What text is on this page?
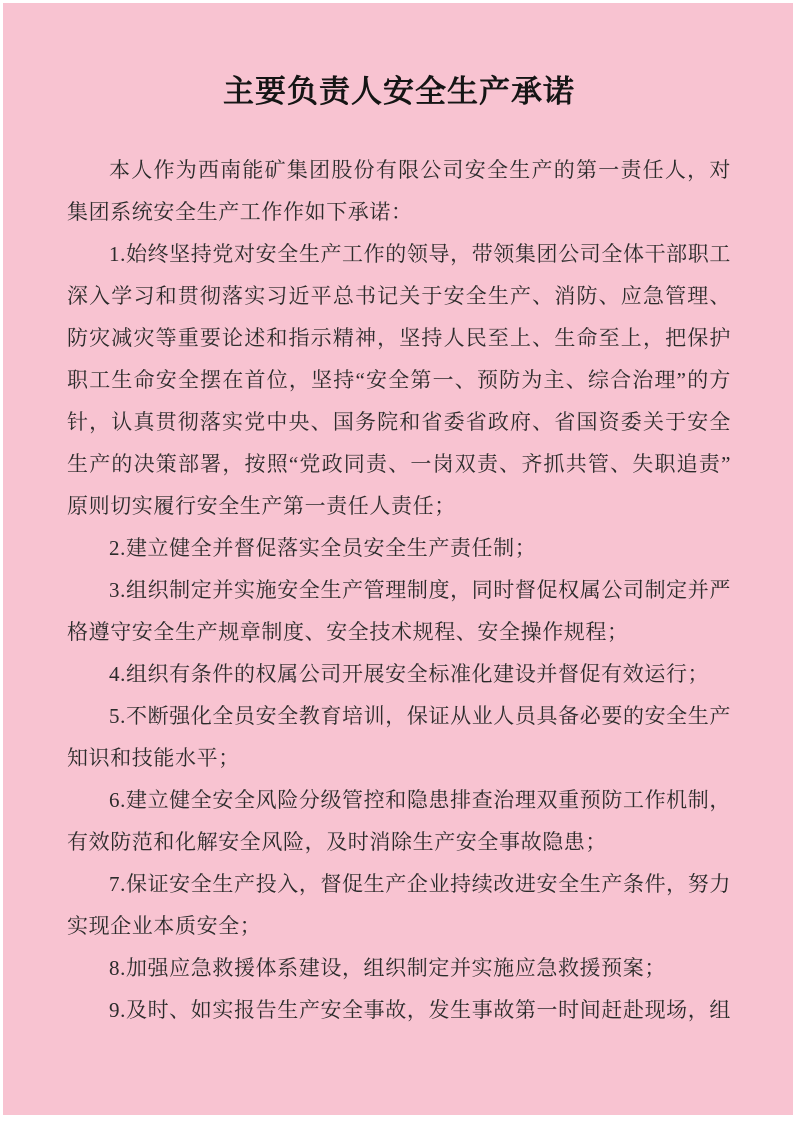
主要负责人安全生产承诺

本人作为西南能矿集团股份有限公司安全生产的第一责任人，对集团系统安全生产工作作如下承诺：

1.始终坚持党对安全生产工作的领导，带领集团公司全体干部职工深入学习和贯彻落实习近平总书记关于安全生产、消防、应急管理、防灾减灾等重要论述和指示精神，坚持人民至上、生命至上，把保护职工生命安全摆在首位，坚持“安全第一、预防为主、综合治理”的方针，认真贯彻落实党中央、国务院和省委省政府、省国资委关于安全生产的决策部署，按照“党政同责、一岗双责、齐抓共管、失职追责”原则切实履行安全生产第一责任人责任；

2.建立健全并督促落实全员安全生产责任制；

3.组织制定并实施安全生产管理制度，同时督促权属公司制定并严格遵守安全生产规章制度、安全技术规程、安全操作规程；

4.组织有条件的权属公司开展安全标准化建设并督促有效运行；

5.不断强化全员安全教育培训，保证从业人员具备必要的安全生产知识和技能水平；

6.建立健全安全风险分级管控和隐患排查治理双重预防工作机制，有效防范和化解安全风险，及时消除生产安全事故隐患；

7.保证安全生产投入，督促生产企业持续改进安全生产条件，努力实现企业本质安全；

8.加强应急救援体系建设，组织制定并实施应急救援预案；

9.及时、如实报告生产安全事故，发生事故第一时间赶赴现场，组
